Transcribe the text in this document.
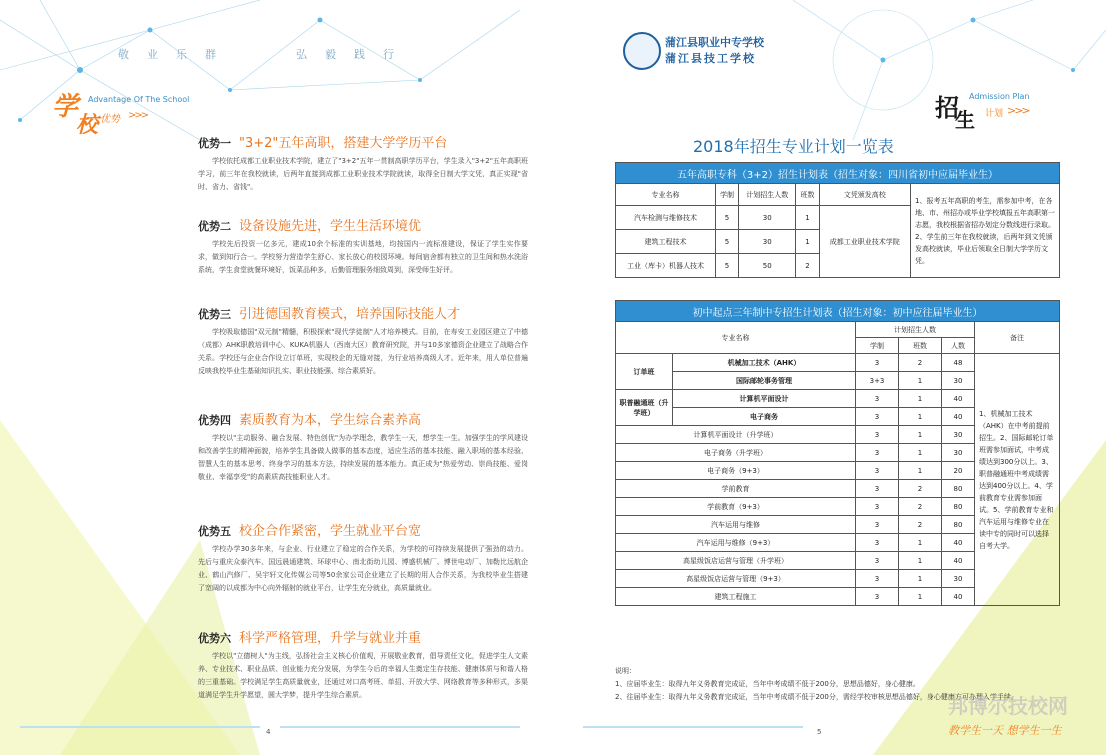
敬业乐群	弘毅践行
学
校
Advantage Of The School
优势 >>>
优势一 "3+2"五年高职，搭建大学学历平台
学校依托成都工业职业技术学院，建立了"3+2"五年一贯制高职学历平台，学生录入"3+2"五年高职班学习，前三年在我校就读，后两年直接到成都工业职业技术学院就读，取得全日制大学文凭，真正实现"省时、省力、省钱"。
优势二 设备设施先进，学生生活环境优
学校先后投资一亿多元，建成10余个标准的实训基地，均按国内一流标准建设，保证了学生实作要求，做到知行合一。学校努力营造学生舒心、家长放心的校园环境。每间宿舍都有独立的卫生间和热水洗浴系统，学生食堂就餐环境好，饭菜品种多，后勤管理服务细致周到，深受师生好评。
优势三 引进德国教育模式，培养国际技能人才
学校吸取德国"双元制"精髓，积极探索"现代学徒制"人才培养模式。目前，在寿安工业园区建立了中德（成都）AHK职教培训中心、KUKA机器人（西南大区）教育研究院，并与10多家德资企业建立了战略合作关系。学校还与企业合作设立订单班，实现校企的无缝对接，为行业培养高级人才。近年来，用人单位普遍反映我校毕业生基础知识扎实、职业技能强、综合素质好。
优势四 素质教育为本，学生综合素养高
学校以"主动服务、融合发展、特色创优"为办学理念，教学生一天，想学生一生。加强学生的学风建设和改善学生的精神面貌，培养学生具备做人做事的基本态度，适应生活的基本技能、融入职场的基本经验、智慧人生的基本思考、终身学习的基本方法，持续发展的基本能力。真正成为"热爱劳动、崇尚技能、爱岗敬业、幸福享受"的高素质高技能职业人才。
优势五 校企合作紧密，学生就业平台宽
学校办学30多年来，与企业、行业建立了稳定的合作关系，为学校的可持续发展提供了强劲的动力。先后与重庆众泰汽车、国远晨通建筑、环球中心、南北街幼儿园、博盛机械厂、博世电动厂、加勒比远航企业、鹤山汽修厂、吴宇轩文化传媒公司等50余家公司企业建立了长期的用人合作关系，为我校毕业生搭建了宽阔的以成都为中心向外辐射的就业平台，让学生充分就业，高质量就业。
优势六 科学严格管理，升学与就业并重
学校以"立德树人"为主线，弘扬社会主义核心价值观，开展敬业教育，倡导责任文化，促进学生人文素养、专业技术、职业品质、创业能力充分发展，为学生今后的幸福人生奠定生存技能、健康体质与和谐人格的三重基础。学校满足学生高质量就业，还通过对口高考班、单招、开放大学、网络教育等多种形式，多渠道满足学生升学愿望，圆大学梦，提升学生综合素质。
4
蒲江县职业中专学校
蒲江县技工学校
招
生
Admission Plan
计划 >>>
2018年招生专业计划一览表
五年高职专科（3+2）招生计划表（招生对象：四川省初中应届毕业生）					
专业名称	学制	计划招生人数	班数	文凭颁发高校	1、报考五年高职的考生，需参加中考，在各地、市、州招办或毕业学校填报五年高职第一志愿，我校根据省招办划定分数线进行录取。2、学生前三年在我校就读，后两年到文凭颁发高校就读，毕业后领取全日制大学学历文凭。
汽车检测与维修技术	5	30	1	成都工业职业技术学院	
建筑工程技术	5	30	1		
工业（库卡）机器人技术	5	50	2		
初中起点三年制中专招生计划表（招生对象：初中应往届毕业生）					
专业名称		计划招生人数			备注
		学制	班数	人数	
订单班	机械加工技术（AHK）	3	2	48	1、机械加工技术（AHK）在中考前提前招生。2、国际邮轮订单班需参加面试，中考成绩达到300分以上。3、职普融通班中考成绩需达到400分以上。4、学前教育专业需参加面试。5、学前教育专业和汽车运用与维修专业在读中专的同时可以选择自考大学。
	国际邮轮事务管理	3+3	1	30	
职普融通班（升学班）	计算机平面设计	3	1	40	
	电子商务	3	1	40	
计算机平面设计（升学班）		3	1	30	
电子商务（升学班）		3	1	30	
电子商务（9+3）		3	1	20	
学前教育		3	2	80	
学前教育（9+3）		3	2	80	
汽车运用与维修		3	2	80	
汽车运用与维修（9+3）		3	1	40	
高星级饭店运营与管理（升学班）		3	1	40	
高星级饭店运营与管理（9+3）		3	1	30	
建筑工程施工		3	1	40	
说明：
1、应届毕业生：取得九年义务教育完成证，当年中考成绩不低于200分，思想品德好，身心健康。
2、往届毕业生：取得九年义务教育完成证，当年中考成绩不低于200分，需经学校审核思想品德好，身心健康方可办理入学手续。
邦博尔技校网
5	教学生一天 想学生一生
